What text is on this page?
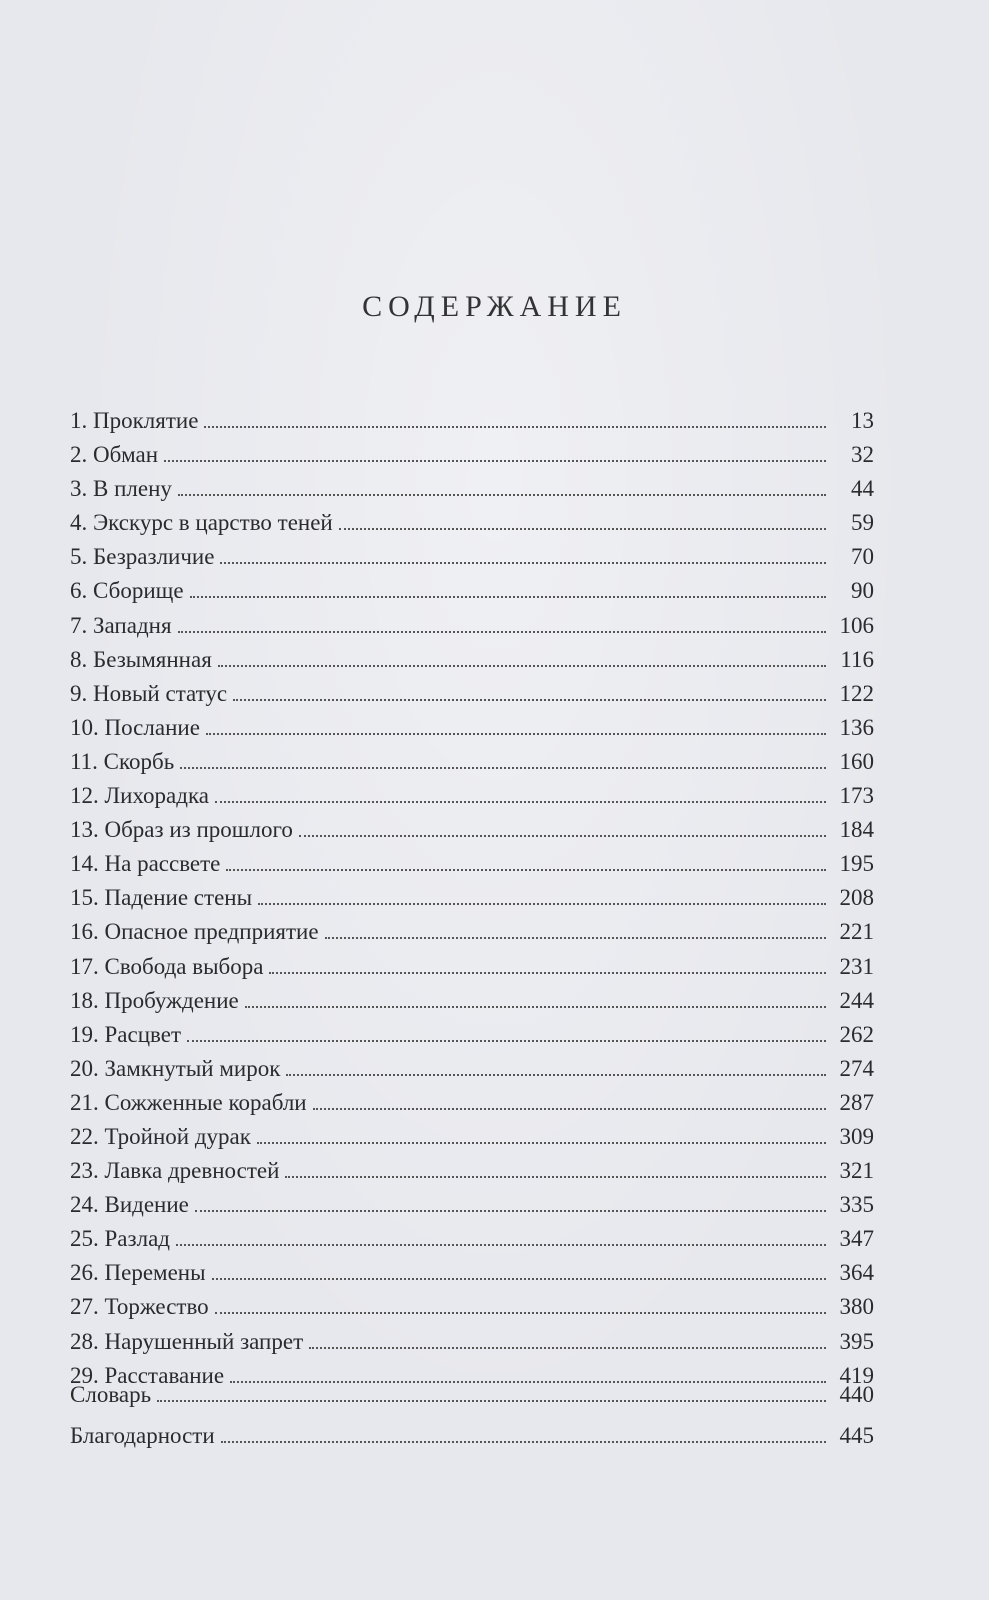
СОДЕРЖАНИЕ
1. Проклятие	13
2. Обман	32
3. В плену	44
4. Экскурс в царство теней	59
5. Безразличие	70
6. Сборище	90
7. Западня	106
8. Безымянная	116
9. Новый статус	122
10. Послание	136
11. Скорбь	160
12. Лихорадка	173
13. Образ из прошлого	184
14. На рассвете	195
15. Падение стены	208
16. Опасное предприятие	221
17. Свобода выбора	231
18. Пробуждение	244
19. Расцвет	262
20. Замкнутый мирок	274
21. Сожженные корабли	287
22. Тройной дурак	309
23. Лавка древностей	321
24. Видение	335
25. Разлад	347
26. Перемены	364
27. Торжество	380
28. Нарушенный запрет	395
29. Расставание	419
Словарь	440
Благодарности	445
